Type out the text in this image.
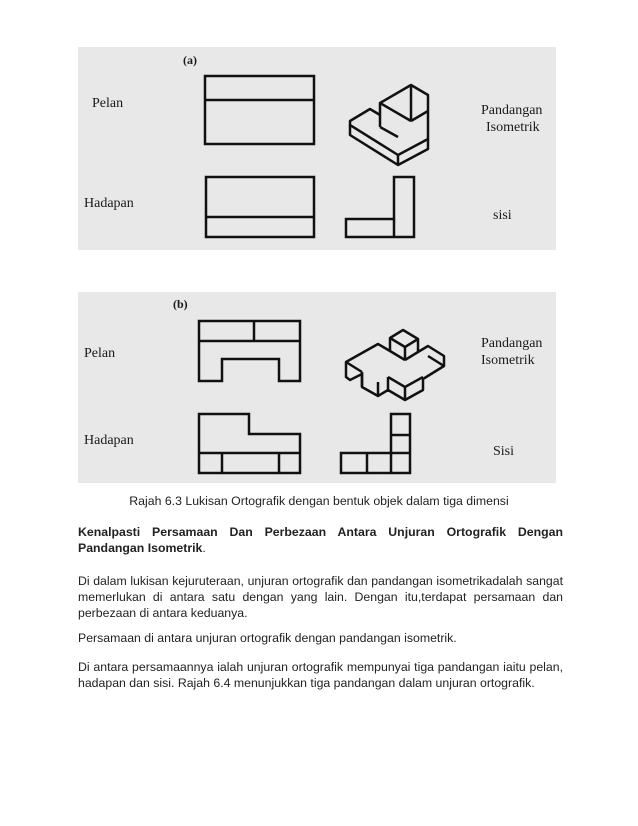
(a)
Pelan
Hadapan
Pandangan
Isometrik
sisi
(b)
Pelan
Hadapan
Pandangan
Isometrik
Sisi
Rajah 6.3 Lukisan Ortografik dengan bentuk objek dalam tiga dimensi

Kenalpasti Persamaan Dan Perbezaan Antara Unjuran Ortografik Dengan Pandangan Isometrik.

Di dalam lukisan kejuruteraan, unjuran ortografik dan pandangan isometrikadalah sangat memerlukan di antara satu dengan yang lain. Dengan itu,terdapat persamaan dan perbezaan di antara keduanya.

Persamaan di antara unjuran ortografik dengan pandangan isometrik.

Di antara persamaannya ialah unjuran ortografik mempunyai tiga pandangan iaitu pelan, hadapan dan sisi. Rajah 6.4 menunjukkan tiga pandangan dalam unjuran ortografik.
